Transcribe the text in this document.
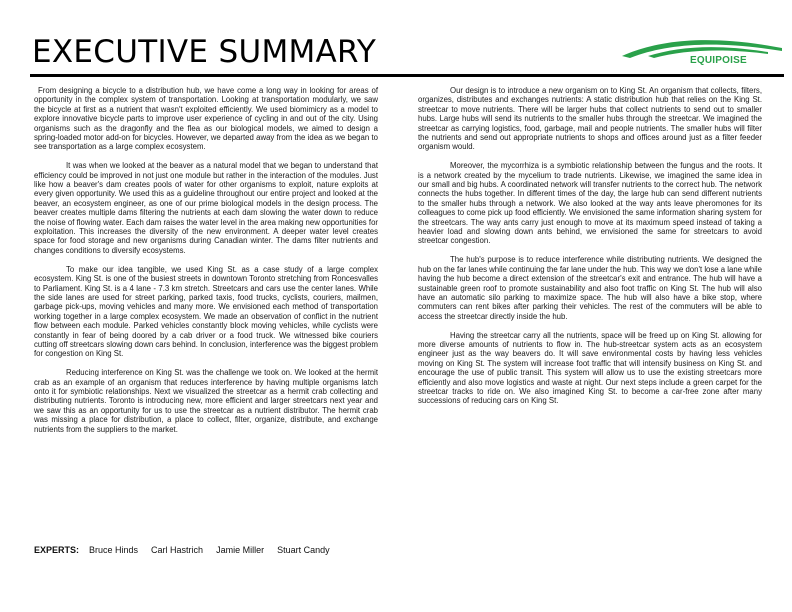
EXECUTIVE SUMMARY	EQUIPOISE

From designing a bicycle to a distribution hub, we have come a long way in looking for areas of opportunity in the complex system of transportation. Looking at transportation modularly, we saw the bicycle at first as a nutrient that wasn't exploited efficiently. We used biomimicry as a model to explore innovative bicycle parts to improve user experience of cycling in and out of the city. Using organisms such as the dragonfly and the flea as our biological models, we aimed to design a spring-loaded motor add-on for bicycles. However, we departed away from the idea as we began to see transportation as a large complex ecosystem.

It was when we looked at the beaver as a natural model that we began to understand that efficiency could be improved in not just one module but rather in the interaction of the modules. Just like how a beaver's dam creates pools of water for other organisms to exploit, nature exploits at every given opportunity. We used this as a guideline throughout our entire project and looked at the beaver, an ecosystem engineer, as one of our prime biological models in the design process. The beaver creates multiple dams filtering the nutrients at each dam slowing the water down to reduce the noise of flowing water. Each dam raises the water level in the area making new opportunities for exploitation. This increases the diversity of the new environment. A deeper water level creates space for food storage and new organisms during Canadian winter. The dams filter nutrients and changes conditions to diversify ecosystems.

To make our idea tangible, we used King St. as a case study of a large complex ecosystem. King St. is one of the busiest streets in downtown Toronto stretching from Roncesvalles to Parliament. King St. is a 4 lane - 7.3 km stretch. Streetcars and cars use the center lanes. While the side lanes are used for street parking, parked taxis, food trucks, cyclists, couriers, mailmen, garbage pick-ups, moving vehicles and many more. We envisioned each method of transportation working together in a large complex ecosystem. We made an observation of conflict in the nutrient flow between each module. Parked vehicles constantly block moving vehicles, while cyclists were constantly in fear of being doored by a cab driver or a food truck. We witnessed bike couriers cutting off streetcars slowing down cars behind. In conclusion, interference was the biggest problem for congestion on King St.

Reducing interference on King St. was the challenge we took on. We looked at the hermit crab as an example of an organism that reduces interference by having multiple organisms latch onto it for symbiotic relationships. Next we visualized the streetcar as a hermit crab collecting and distributing nutrients. Toronto is introducing new, more efficient and larger streetcars next year and we saw this as an opportunity for us to use the streetcar as a nutrient distributor. The hermit crab was missing a place for distribution, a place to collect, filter, organize, distribute, and exchange nutrients from the suppliers to the market.

Our design is to introduce a new organism on to King St. An organism that collects, filters, organizes, distributes and exchanges nutrients: A static distribution hub that relies on the King St. streetcar to move nutrients. There will be larger hubs that collect nutrients to send out to smaller hubs. Large hubs will send its nutrients to the smaller hubs through the streetcar. We imagined the streetcar as carrying logistics, food, garbage, mail and people nutrients. The smaller hubs will filter the nutrients and send out appropriate nutrients to shops and offices around just as a filter feeder organism would.

Moreover, the mycorrhiza is a symbiotic relationship between the fungus and the roots. It is a network created by the mycelium to trade nutrients. Likewise, we imagined the same idea in our small and big hubs. A coordinated network will transfer nutrients to the correct hub. The network connects the hubs together. In different times of the day, the large hub can send different nutrients to the smaller hubs through a network. We also looked at the way ants leave pheromones for its colleagues to come pick up food efficiently. We envisioned the same information sharing system for the streetcars. The way ants carry just enough to move at its maximum speed instead of taking a heavier load and slowing down ants behind, we envisioned the same for streetcars to avoid streetcar congestion.

The hub's purpose is to reduce interference while distributing nutrients. We designed the hub on the far lanes while continuing the far lane under the hub. This way we don't lose a lane while having the hub become a direct extension of the streetcar's exit and entrance. The hub will have a sustainable green roof to promote sustainability and also foot traffic on King St. The hub will also have an automatic silo parking to maximize space. The hub will also have a bike stop, where commuters can rent bikes after parking their vehicles. The rest of the commuters will be able to access the streetcar directly inside the hub.

Having the streetcar carry all the nutrients, space will be freed up on King St. allowing for more diverse amounts of nutrients to flow in. The hub-streetcar system acts as an ecosystem engineer just as the way beavers do. It will save environmental costs by having less vehicles moving on King St. The system will increase foot traffic that will intensify business on King St. and encourage the use of public transit. This system will allow us to use the existing streetcars more efficiently and also move logistics and waste at night. Our next steps include a green carpet for the streetcar tracks to ride on. We also imagined King St. to become a car-free zone after many successions of reducing cars on King St.

EXPERTS: Bruce Hinds Carl Hastrich Jamie Miller Stuart Candy
